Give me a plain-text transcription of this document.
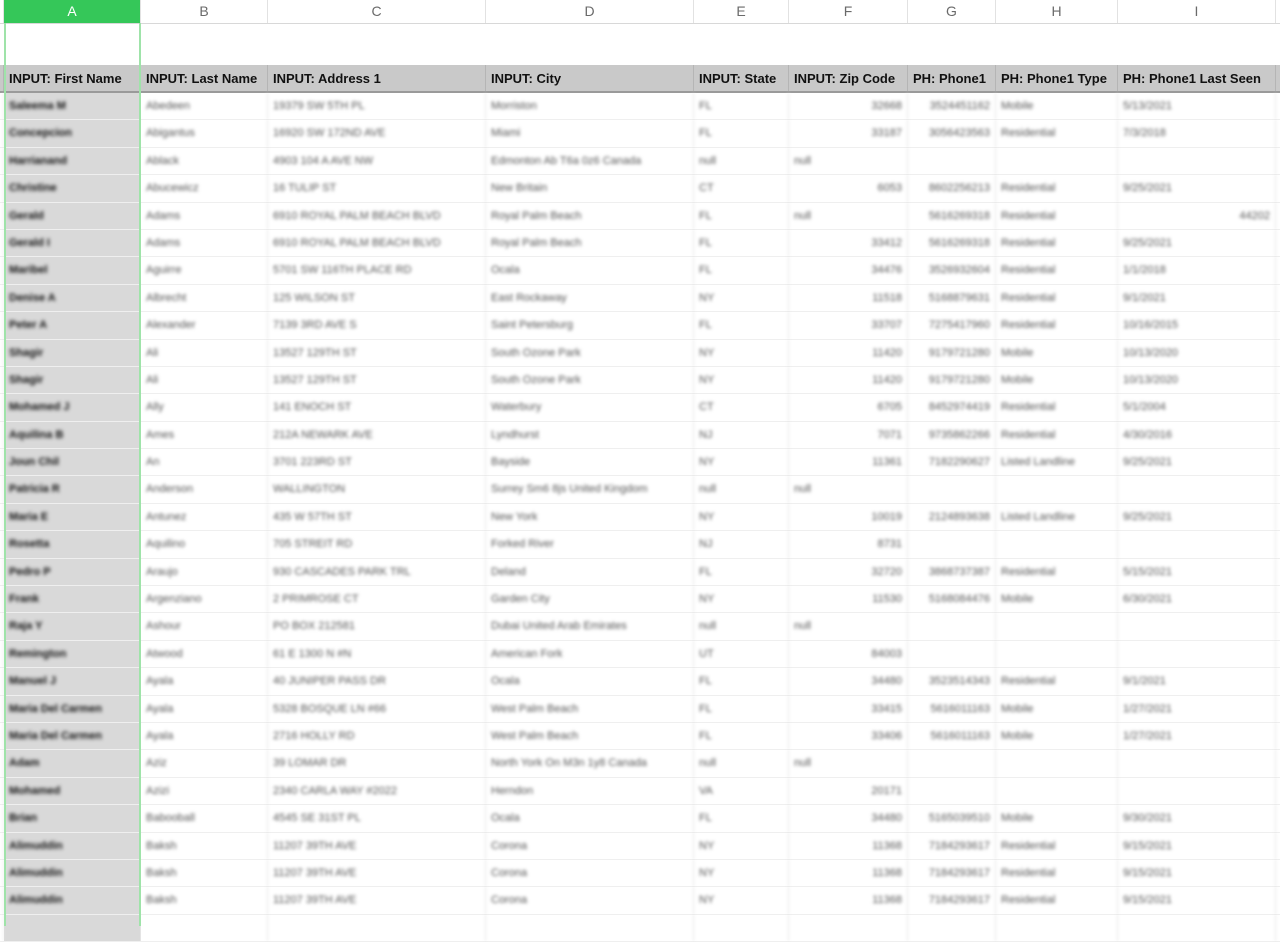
A	B	C	D	E	F	G	H	I
INPUT: First Name	INPUT: Last Name	INPUT: Address 1	INPUT: City	INPUT: State	INPUT: Zip Code	PH: Phone1	PH: Phone1 Type	PH: Phone1 Last Seen
Saleema M	Abedeen	19379 SW 5TH PL	Morriston	FL	32668	3524451162	Mobile	5/13/2021
Concepcion	Abigantus	16920 SW 172ND AVE	Miami	FL	33187	3056423563	Residential	7/3/2018
Harrianand	Ablack	4903 104 A AVE NW	Edmonton Ab T6a 0z6 Canada	null	null
Christine	Abucewicz	16 TULIP ST	New Britain	CT	6053	8602256213	Residential	9/25/2021
Gerald	Adams	6910 ROYAL PALM BEACH BLVD	Royal Palm Beach	FL	null	5616269318	Residential	44202
Gerald I	Adams	6910 ROYAL PALM BEACH BLVD	Royal Palm Beach	FL	33412	5616269318	Residential	9/25/2021
Maribel	Aguirre	5701 SW 116TH PLACE RD	Ocala	FL	34476	3526932604	Residential	1/1/2018
Denise A	Albrecht	125 WILSON ST	East Rockaway	NY	11518	5168879631	Residential	9/1/2021
Peter A	Alexander	7139 3RD AVE S	Saint Petersburg	FL	33707	7275417960	Residential	10/16/2015
Shagir	Ali	13527 129TH ST	South Ozone Park	NY	11420	9179721280	Mobile	10/13/2020
Shagir	Ali	13527 129TH ST	South Ozone Park	NY	11420	9179721280	Mobile	10/13/2020
Mohamed J	Ally	141 ENOCH ST	Waterbury	CT	6705	8452974419	Residential	5/1/2004
Aquilina B	Ames	212A NEWARK AVE	Lyndhurst	NJ	7071	9735862266	Residential	4/30/2016
Joun Chil	An	3701 223RD ST	Bayside	NY	11361	7182290627	Listed Landline	9/25/2021
Patricia R	Anderson	WALLINGTON	Surrey Sm6 8js United Kingdom	null	null
Maria E	Antunez	435 W 57TH ST	New York	NY	10019	2124893638	Listed Landline	9/25/2021
Rosetta	Aquilino	705 STREIT RD	Forked River	NJ	8731
Pedro P	Araujo	930 CASCADES PARK TRL	Deland	FL	32720	3868737387	Residential	5/15/2021
Frank	Argenziano	2 PRIMROSE CT	Garden City	NY	11530	5168084476	Mobile	6/30/2021
Raja Y	Ashour	PO BOX 212581	Dubai United Arab Emirates	null	null
Remington	Atwood	61 E 1300 N #N	American Fork	UT	84003
Manuel J	Ayala	40 JUNIPER PASS DR	Ocala	FL	34480	3523514343	Residential	9/1/2021
Maria Del Carmen	Ayala	5328 BOSQUE LN #66	West Palm Beach	FL	33415	5616011163	Mobile	1/27/2021
Maria Del Carmen	Ayala	2716 HOLLY RD	West Palm Beach	FL	33406	5616011163	Mobile	1/27/2021
Adam	Aziz	39 LOMAR DR	North York On M3n 1y8 Canada	null	null
Mohamed	Azizi	2340 CARLA WAY #2022	Herndon	VA	20171
Brian	Babooball	4545 SE 31ST PL	Ocala	FL	34480	5165039510	Mobile	9/30/2021
Alimuddin	Baksh	11207 39TH AVE	Corona	NY	11368	7184293617	Residential	9/15/2021
Alimuddin	Baksh	11207 39TH AVE	Corona	NY	11368	7184293617	Residential	9/15/2021
Alimuddin	Baksh	11207 39TH AVE	Corona	NY	11368	7184293617	Residential	9/15/2021
